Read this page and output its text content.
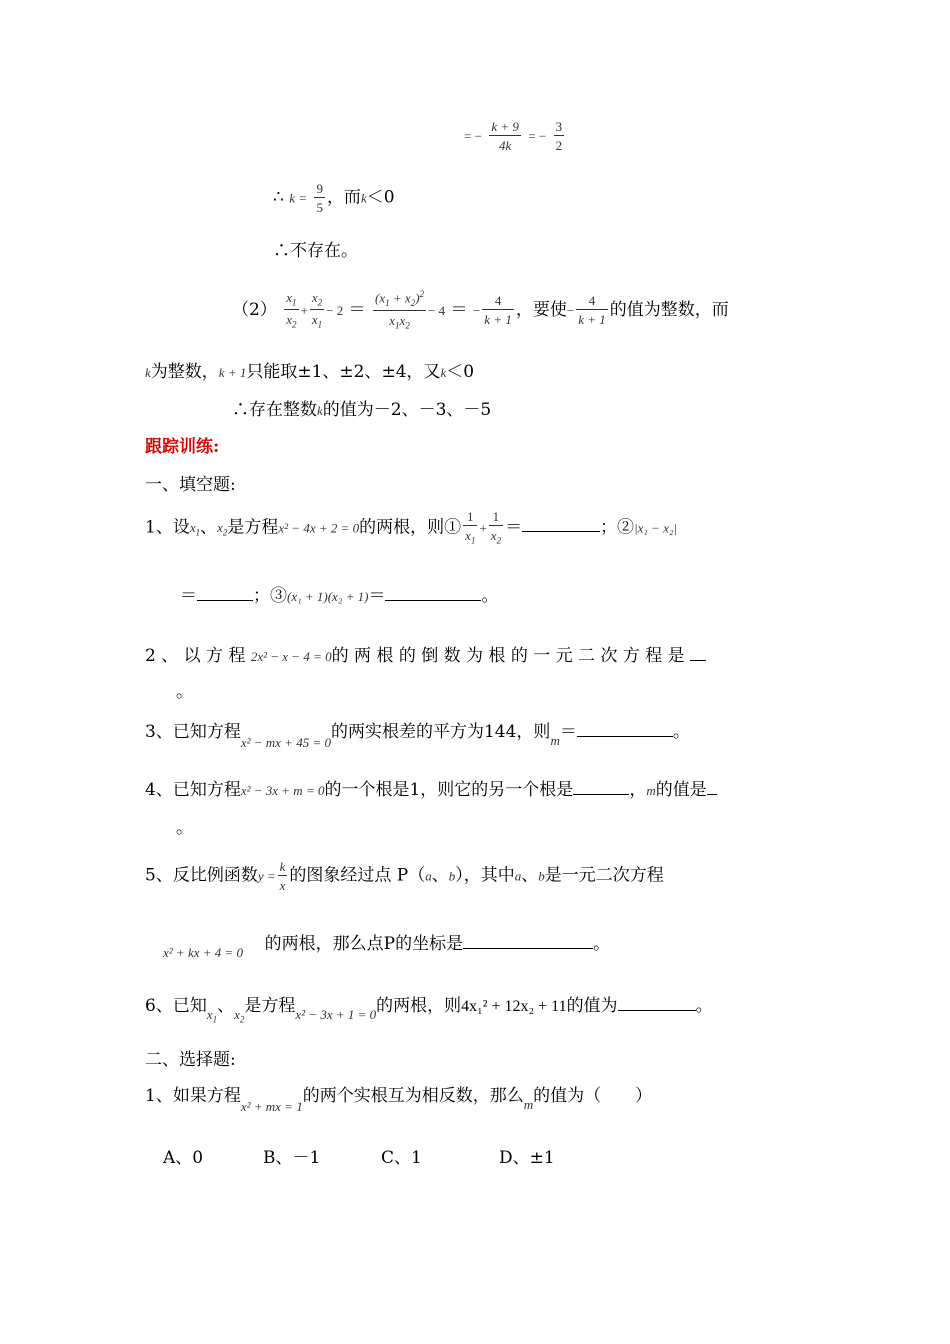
= − $\frac{k + 9}{4k}$ = − $\frac{3}{2}$
∴ $k = \frac{9}{5}$ ，而k＜0
∴不存在。
$(2) \frac{x_1}{x_2} + \frac{x_2}{x_1} - 2 = \frac{(x_1 + x_2)^2}{x_1x_2} - 4$ ＝ − $\frac{4}{k + 1}$ ，要使− $\frac{4}{k + 1}$ 的值为整数，而
k为整数，k + 1只能取±1、±2、±4，又k＜0
∴存在整数k的值为－2、－3、－5
跟踪训练:
一、填空题:
1、设$x_1$、$x_2$是方程x² − 4x + 2 = 0的两根，则① $\frac{1}{x_1} + \frac{1}{x_2}$ ＝	；②|x₁ − x₂|
＝	；③(x₁ + 1)(x₂ + 1)＝	。
2 、 以 方 程 2x² − x − 4 = 0的 两 根 的 倒 数 为 根 的 一 元 二 次 方 程 是
。
3、已知方程$_{x^2 - mx + 45 = 0}$的两实根差的平方为144，则$_m$＝	。
4、已知方程x² − 3x + m = 0的一个根是1，则它的另一个根是	，m的值是
。
5、反比例函数$y = \frac{k}{x}$ 的图象经过点 P（a、b），其中a、b是一元二次方程
$_{x^2 + kx + 4 = 0}$ 的两根，那么点P的坐标是	。
6、已知$_{x_1}$、$_{x_2}$是方程$_{x^2 - 3x + 1 = 0}$的两根，则4x₁² + 12x₂ + 11的值为	。
二、选择题:
1、如果方程$_{x^2 + mx = 1}$的两个实根互为相反数，那么$_m$的值为（　　）
A、0	B、－1	C、1	D、±1
